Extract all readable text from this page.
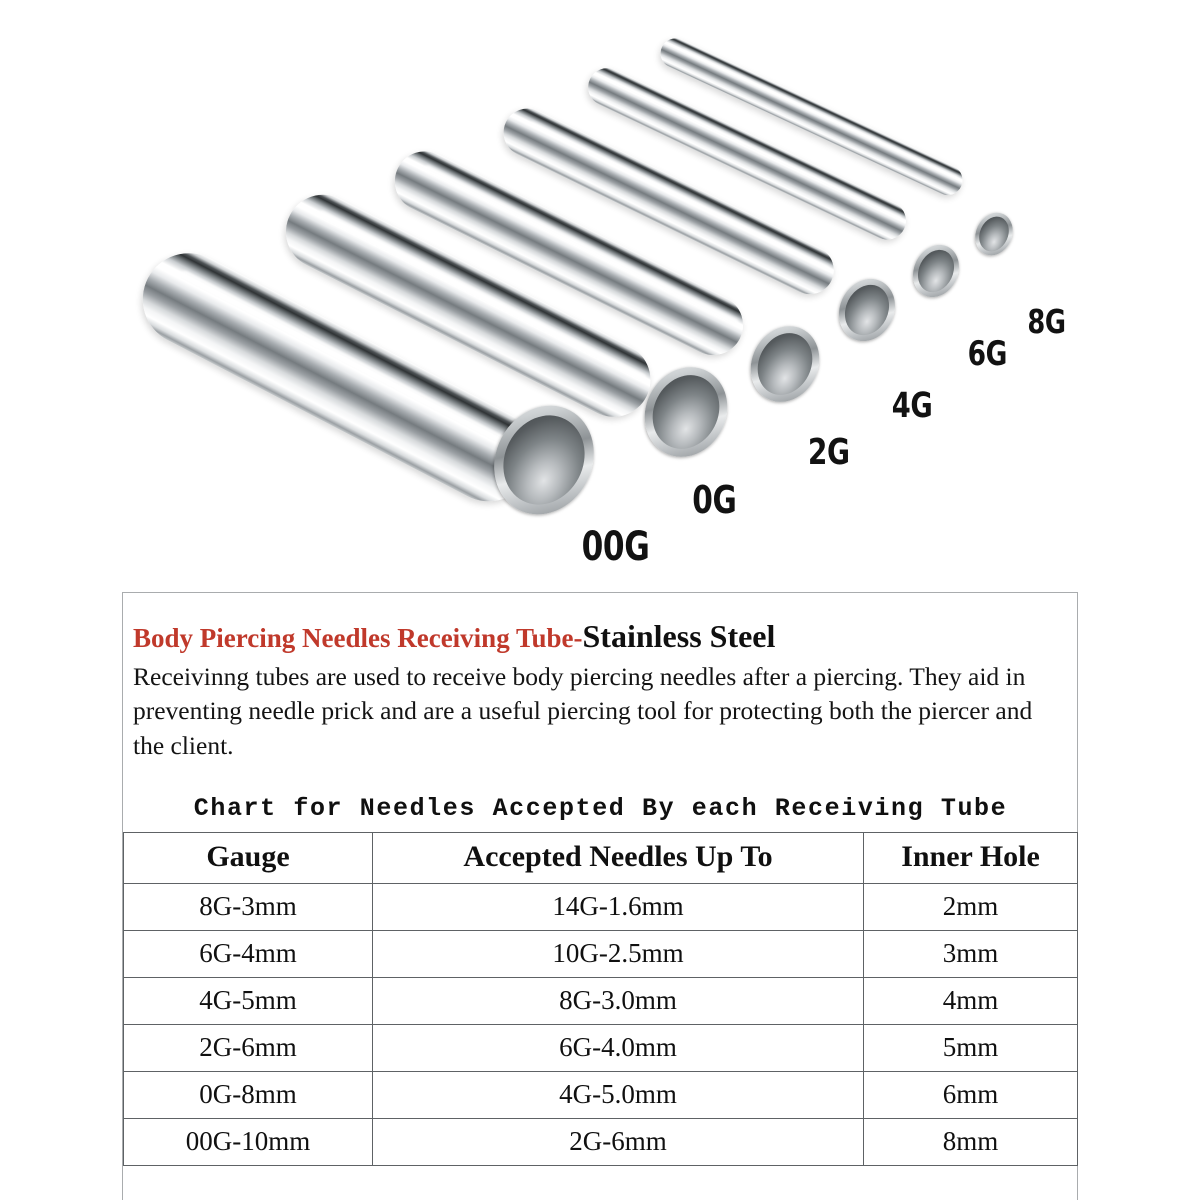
00G
0G
2G
4G
6G
8G
Body Piercing Needles Receiving Tube-Stainless Steel

Receivinng tubes are used to receive body piercing needles after a piercing. They aid in preventing needle prick and are a useful piercing tool for protecting both the piercer and the client.

Chart for Needles Accepted By each Receiving Tube		
Gauge	Accepted Needles Up To	Inner Hole
8G-3mm	14G-1.6mm	2mm
6G-4mm	10G-2.5mm	3mm
4G-5mm	8G-3.0mm	4mm
2G-6mm	6G-4.0mm	5mm
0G-8mm	4G-5.0mm	6mm
00G-10mm	2G-6mm	8mm
